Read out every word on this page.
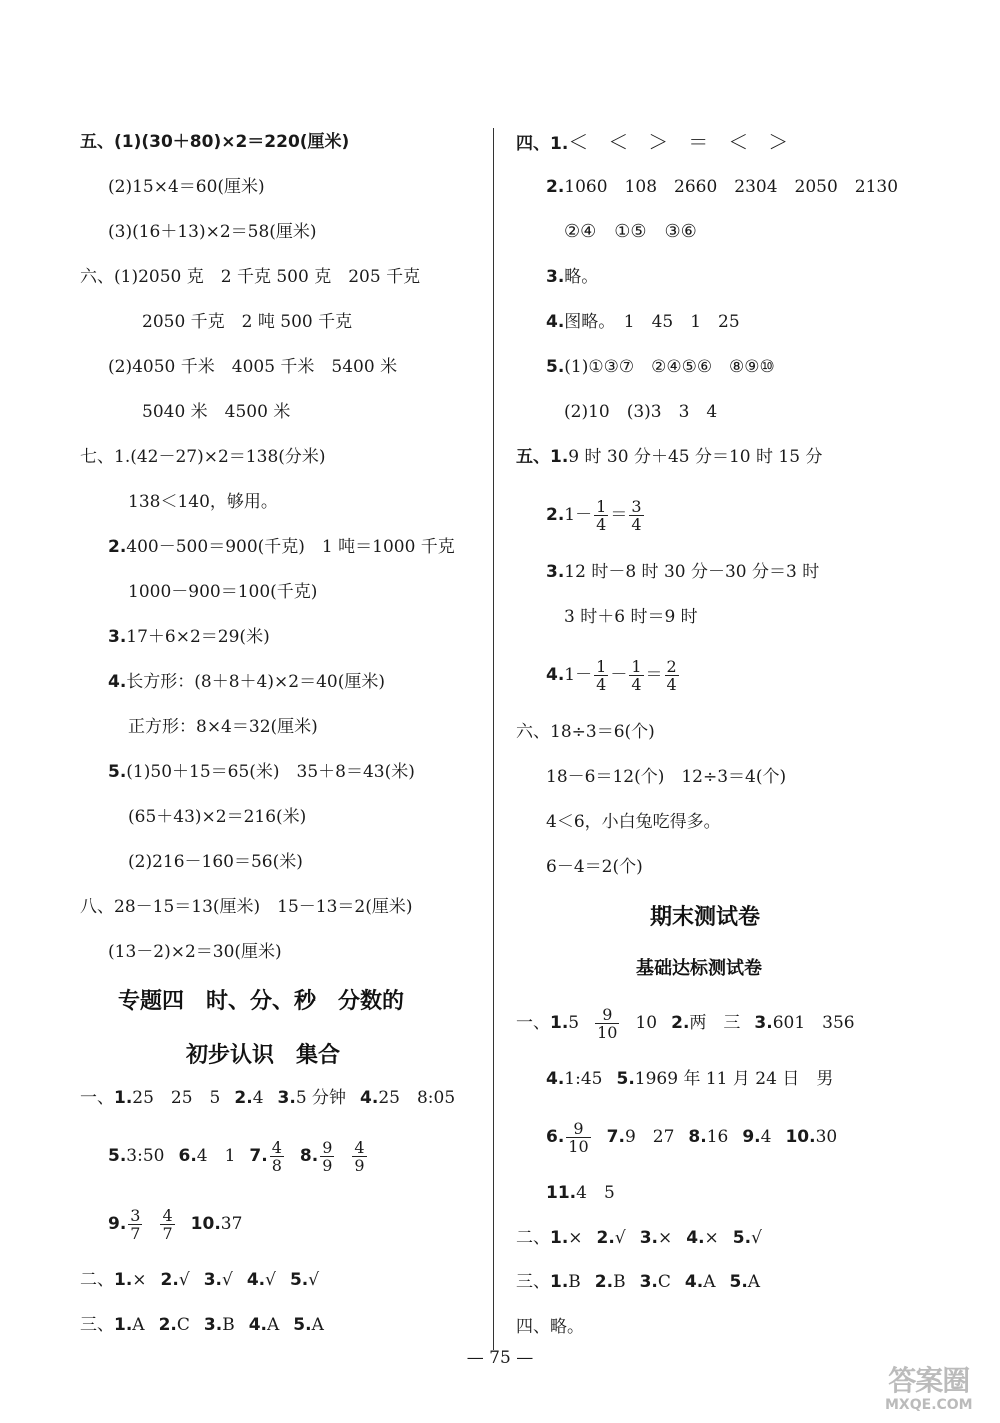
五、(1)(30＋80)×2＝220(厘米)
(2)15×4＝60(厘米)
(3)(16＋13)×2＝58(厘米)
六、(1)2050 克　2 千克 500 克　205 千克
2050 千克　2 吨 500 千克
(2)4050 千米　4005 千米　5400 米
5040 米　4500 米
七、1.(42－27)×2＝138(分米)
138＜140，够用。
2.400－500＝900(千克)　1 吨＝1000 千克
1000－900＝100(千克)
3.17＋6×2＝29(米)
4.长方形：(8＋8＋4)×2＝40(厘米)
正方形：8×4＝32(厘米)
5.(1)50＋15＝65(米)　35＋8＝43(米)
(65＋43)×2＝216(米)
(2)216－160＝56(米)
八、28－15＝13(厘米)　15－13＝2(厘米)
(13－2)×2＝30(厘米)
专题四　时、分、秒　分数的
初步认识　集合
一、1.25　25　5 2.4 3.5 分钟 4.25　8:05
5.3:50 6.4　1 7. $\frac{4}{8} 8$. $\frac{9}{9} \frac{4}{9}$
9. $\frac{3}{7} \frac{4}{7} 10.37$
二、1.× 2.√ 3.√ 4.√ 5.√
三、1.A 2.C 3.B 4.A 5.A
四、1.＜　＜　＞　＝　＜　＞
2.1060　108　2660　2304　2050　2130
②④　①⑤　③⑥
3.略。
4.图略。　1　45　1　25
5.(1)①③⑦　②④⑤⑥　⑧⑨⑩
(2)10　(3)3　3　4
五、1.9 时 30 分＋45 分＝10 时 15 分
$2.1- \frac{1}{4} = \frac{3}{4}$
3.12 时－8 时 30 分－30 分＝3 时
3 时＋6 时＝9 时
$4.1- \frac{1}{4} - \frac{1}{4} = \frac{2}{4}$
六、18÷3＝6(个)
18－6＝12(个)　12÷3＝4(个)
4＜6，小白兔吃得多。
6－4＝2(个)
期末测试卷
基础达标测试卷
一、$1.5 \frac{9}{10} 10$ 2.两　三 3.601　356
4.1:45 5.1969 年 11 月 24 日　男
6. $\frac{9}{10} 7.9$　27 8.16 9.4 10.30
11.4　5
二、1.× 2.√ 3.× 4.× 5.√
三、1.B 2.B 3.C 4.A 5.A
四、略。
— 75 —
答案圈
MXQE.COM
